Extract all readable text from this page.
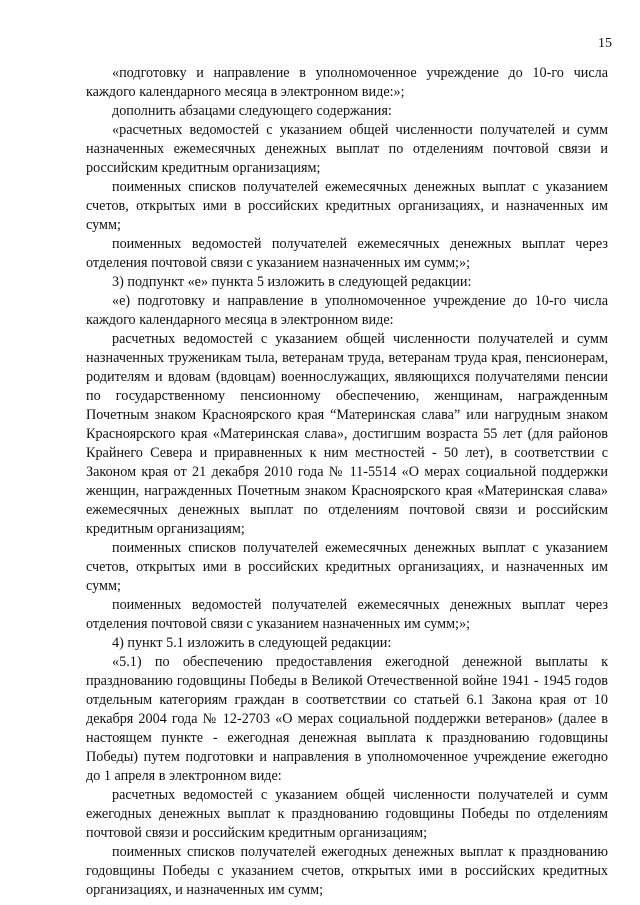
15

«подготовку и направление в уполномоченное учреждение до 10-го числа каждого календарного месяца в электронном виде:»;

дополнить абзацами следующего содержания:

«расчетных ведомостей с указанием общей численности получателей и сумм назначенных ежемесячных денежных выплат по отделениям почтовой связи и российским кредитным организациям;

поименных списков получателей ежемесячных денежных выплат с указанием счетов, открытых ими в российских кредитных организациях, и назначенных им сумм;

поименных ведомостей получателей ежемесячных денежных выплат через отделения почтовой связи с указанием назначенных им сумм;»;

3) подпункт «е» пункта 5 изложить в следующей редакции:

«е) подготовку и направление в уполномоченное учреждение до 10-го числа каждого календарного месяца в электронном виде:

расчетных ведомостей с указанием общей численности получателей и сумм назначенных труженикам тыла, ветеранам труда, ветеранам труда края, пенсионерам, родителям и вдовам (вдовцам) военнослужащих, являющихся получателями пенсии по государственному пенсионному обеспечению, женщинам, награжденным Почетным знаком Красноярского края “Материнская слава” или нагрудным знаком Красноярского края «Материнская слава», достигшим возраста 55 лет (для районов Крайнего Севера и приравненных к ним местностей - 50 лет), в соответствии с Законом края от 21 декабря 2010 года № 11-5514 «О мерах социальной поддержки женщин, награжденных Почетным знаком Красноярского края «Материнская слава» ежемесячных денежных выплат по отделениям почтовой связи и российским кредитным организациям;

поименных списков получателей ежемесячных денежных выплат с указанием счетов, открытых ими в российских кредитных организациях, и назначенных им сумм;

поименных ведомостей получателей ежемесячных денежных выплат через отделения почтовой связи с указанием назначенных им сумм;»;

4) пункт 5.1 изложить в следующей редакции:

«5.1) по обеспечению предоставления ежегодной денежной выплаты к празднованию годовщины Победы в Великой Отечественной войне 1941 - 1945 годов отдельным категориям граждан в соответствии со статьей 6.1 Закона края от 10 декабря 2004 года № 12-2703 «О мерах социальной поддержки ветеранов» (далее в настоящем пункте - ежегодная денежная выплата к празднованию годовщины Победы) путем подготовки и направления в уполномоченное учреждение ежегодно до 1 апреля в электронном виде:

расчетных ведомостей с указанием общей численности получателей и сумм ежегодных денежных выплат к празднованию годовщины Победы по отделениям почтовой связи и российским кредитным организациям;

поименных списков получателей ежегодных денежных выплат к празднованию годовщины Победы с указанием счетов, открытых ими в российских кредитных организациях, и назначенных им сумм;
